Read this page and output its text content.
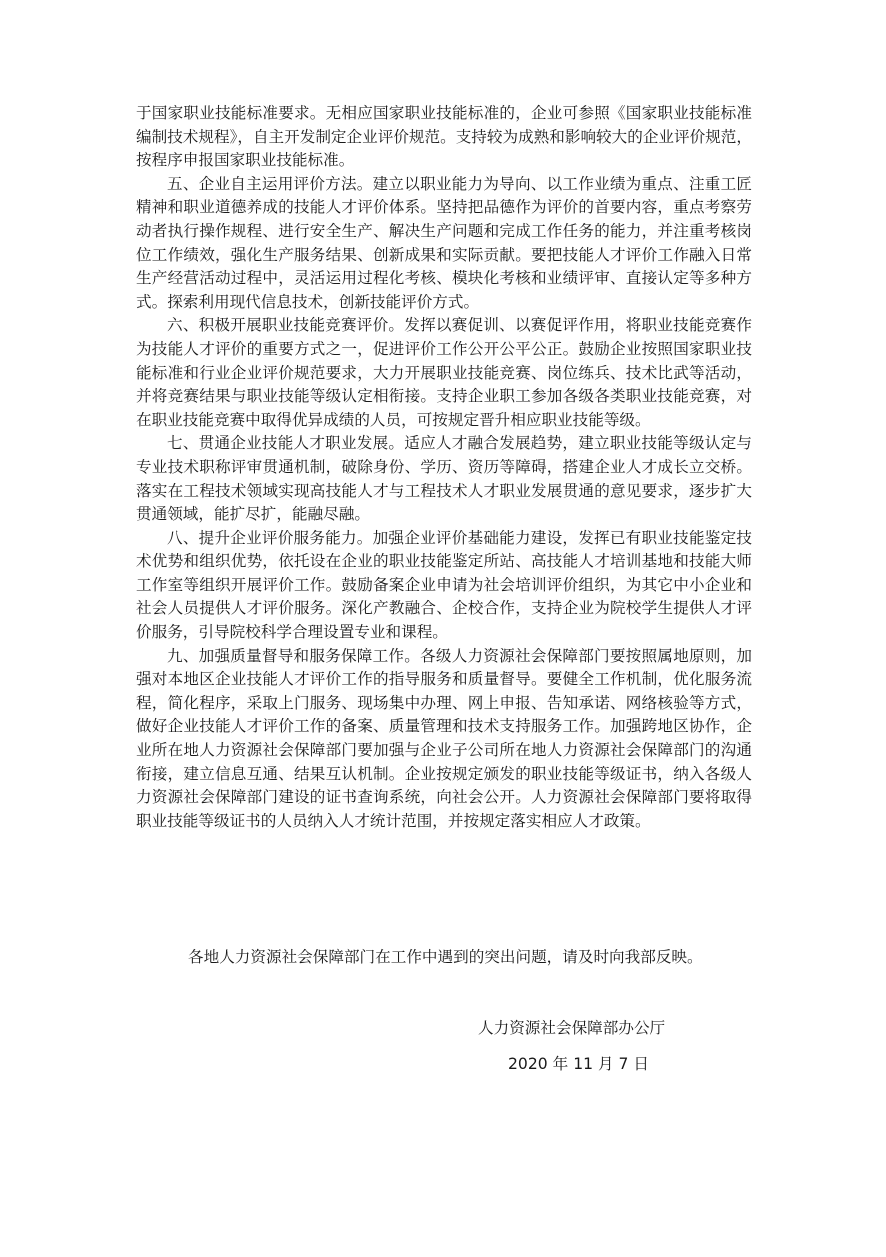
于国家职业技能标准要求。无相应国家职业技能标准的，企业可参照《国家职业技能标准编制技术规程》，自主开发制定企业评价规范。支持较为成熟和影响较大的企业评价规范，按程序申报国家职业技能标准。

五、企业自主运用评价方法。建立以职业能力为导向、以工作业绩为重点、注重工匠精神和职业道德养成的技能人才评价体系。坚持把品德作为评价的首要内容，重点考察劳动者执行操作规程、进行安全生产、解决生产问题和完成工作任务的能力，并注重考核岗位工作绩效，强化生产服务结果、创新成果和实际贡献。要把技能人才评价工作融入日常生产经营活动过程中，灵活运用过程化考核、模块化考核和业绩评审、直接认定等多种方式。探索利用现代信息技术，创新技能评价方式。

六、积极开展职业技能竞赛评价。发挥以赛促训、以赛促评作用，将职业技能竞赛作为技能人才评价的重要方式之一，促进评价工作公开公平公正。鼓励企业按照国家职业技能标准和行业企业评价规范要求，大力开展职业技能竞赛、岗位练兵、技术比武等活动，并将竞赛结果与职业技能等级认定相衔接。支持企业职工参加各级各类职业技能竞赛，对在职业技能竞赛中取得优异成绩的人员，可按规定晋升相应职业技能等级。

七、贯通企业技能人才职业发展。适应人才融合发展趋势，建立职业技能等级认定与专业技术职称评审贯通机制，破除身份、学历、资历等障碍，搭建企业人才成长立交桥。落实在工程技术领域实现高技能人才与工程技术人才职业发展贯通的意见要求，逐步扩大贯通领域，能扩尽扩，能融尽融。

八、提升企业评价服务能力。加强企业评价基础能力建设，发挥已有职业技能鉴定技术优势和组织优势，依托设在企业的职业技能鉴定所站、高技能人才培训基地和技能大师工作室等组织开展评价工作。鼓励备案企业申请为社会培训评价组织，为其它中小企业和社会人员提供人才评价服务。深化产教融合、企校合作，支持企业为院校学生提供人才评价服务，引导院校科学合理设置专业和课程。

九、加强质量督导和服务保障工作。各级人力资源社会保障部门要按照属地原则，加强对本地区企业技能人才评价工作的指导服务和质量督导。要健全工作机制，优化服务流程，简化程序，采取上门服务、现场集中办理、网上申报、告知承诺、网络核验等方式，做好企业技能人才评价工作的备案、质量管理和技术支持服务工作。加强跨地区协作，企业所在地人力资源社会保障部门要加强与企业子公司所在地人力资源社会保障部门的沟通衔接，建立信息互通、结果互认机制。企业按规定颁发的职业技能等级证书，纳入各级人力资源社会保障部门建设的证书查询系统，向社会公开。人力资源社会保障部门要将取得职业技能等级证书的人员纳入人才统计范围，并按规定落实相应人才政策。

各地人力资源社会保障部门在工作中遇到的突出问题，请及时向我部反映。

人力资源社会保障部办公厅

2020 年 11 月 7 日
